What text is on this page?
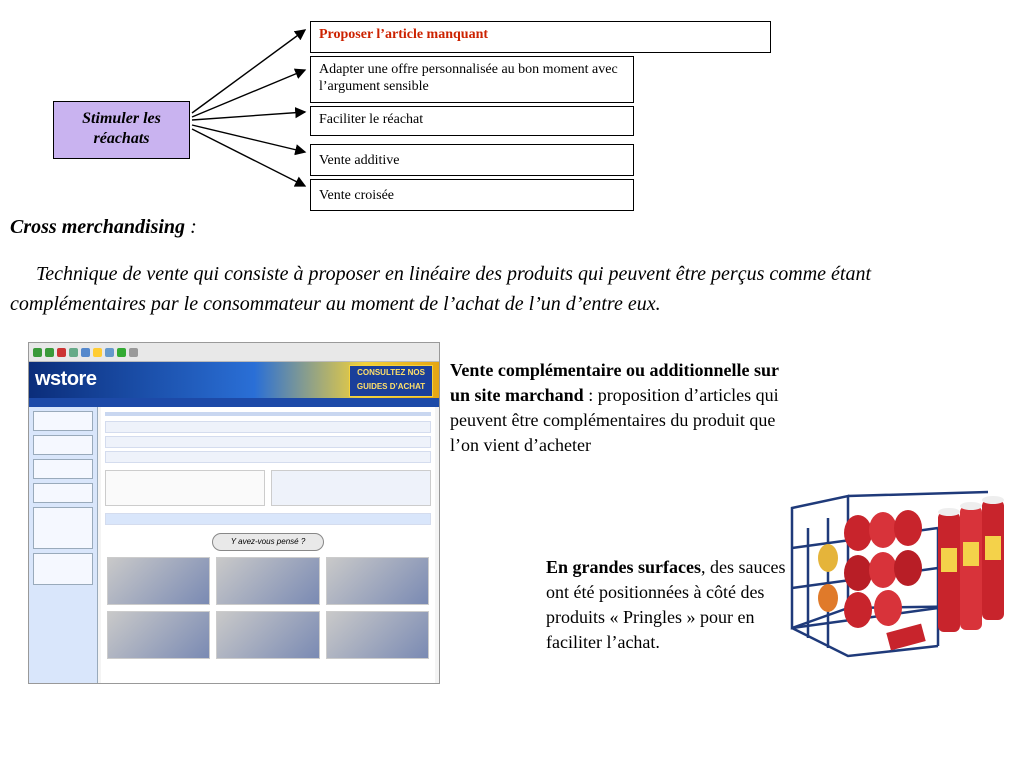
Stimuler les réachats
Proposer l’article manquant
Adapter une offre personnalisée au bon moment avec l’argument sensible
Faciliter le réachat
Vente additive
Vente croisée
Cross merchandising :
Technique de vente qui consiste à proposer en linéaire des produits qui peuvent être perçus comme étant complémentaires par le consommateur au moment de l’achat de l’un d’entre eux.
wstore	CONSULTEZ NOS GUIDES D’ACHAT
Y avez-vous pensé ?
Vente complémentaire ou additionnelle sur un site marchand : proposition d’articles qui peuvent être complémentaires du produit que l’on vient d’acheter
En grandes surfaces, des sauces ont été positionnées à côté des produits « Pringles » pour en faciliter l’achat.
